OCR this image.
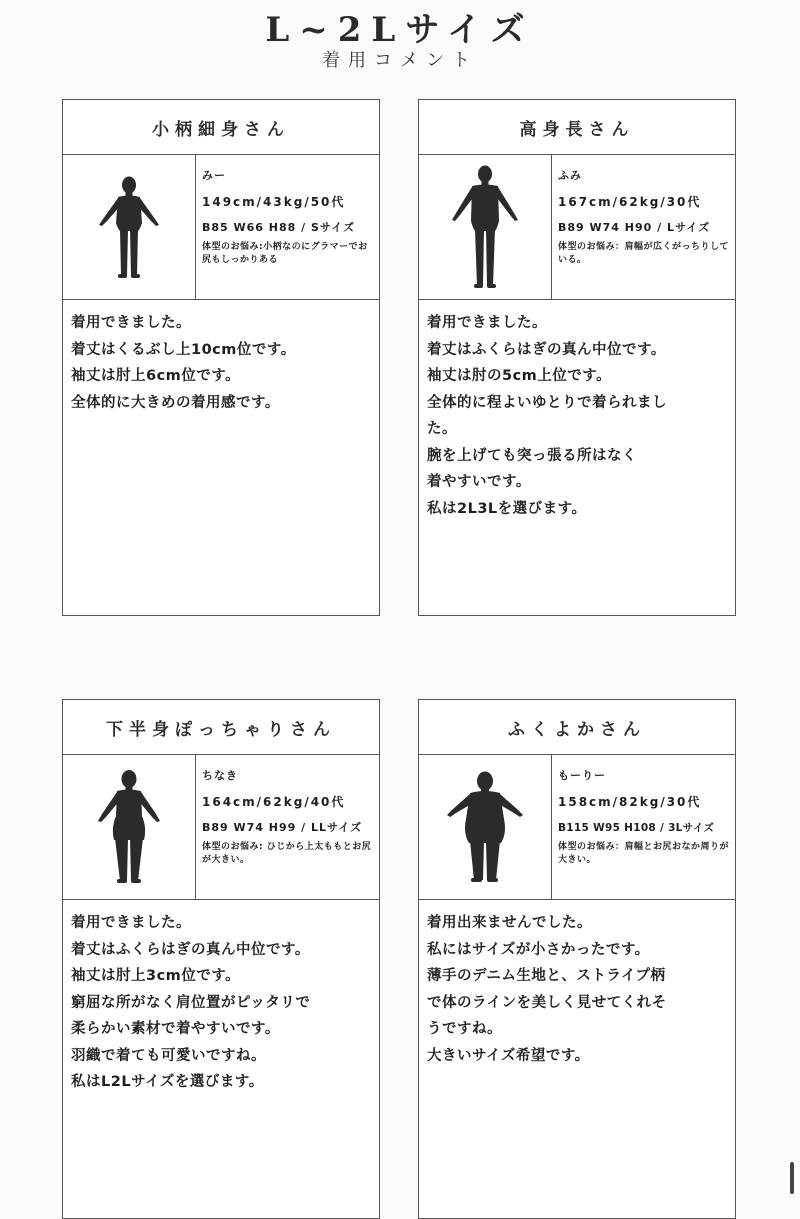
L~2Lサイズ
着用コメント
小柄細身さん
みー
149cm/43kg/50代
B85 W66 H88 / Sサイズ
体型のお悩み:小柄なのにグラマーでお尻もしっかりある
着用できました。
着丈はくるぶし上10cm位です。
袖丈は肘上6cm位です。
全体的に大きめの着用感です。
高身長さん
ふみ
167cm/62kg/30代
B89 W74 H90 / Lサイズ
体型のお悩み：肩幅が広くがっちりしている。
着用できました。
着丈はふくらはぎの真ん中位です。
袖丈は肘の5cm上位です。
全体的に程よいゆとりで着られまし
た。
腕を上げても突っ張る所はなく
着やすいです。
私は2L3Lを選びます。
下半身ぽっちゃりさん
ちなき
164cm/62kg/40代
B89 W74 H99 / LLサイズ
体型のお悩み: ひじから上太ももとお尻が大きい。
着用できました。
着丈はふくらはぎの真ん中位です。
袖丈は肘上3cm位です。
窮屈な所がなく肩位置がピッタリで
柔らかい素材で着やすいです。
羽織で着ても可愛いですね。
私はL2Lサイズを選びます。
ふくよかさん
もーりー
158cm/82kg/30代
B115 W95 H108 / 3Lサイズ
体型のお悩み：肩幅とお尻おなか周りが大きい。
着用出来ませんでした。
私にはサイズが小さかったです。
薄手のデニム生地と、ストライプ柄
で体のラインを美しく見せてくれそ
うですね。
大きいサイズ希望です。
